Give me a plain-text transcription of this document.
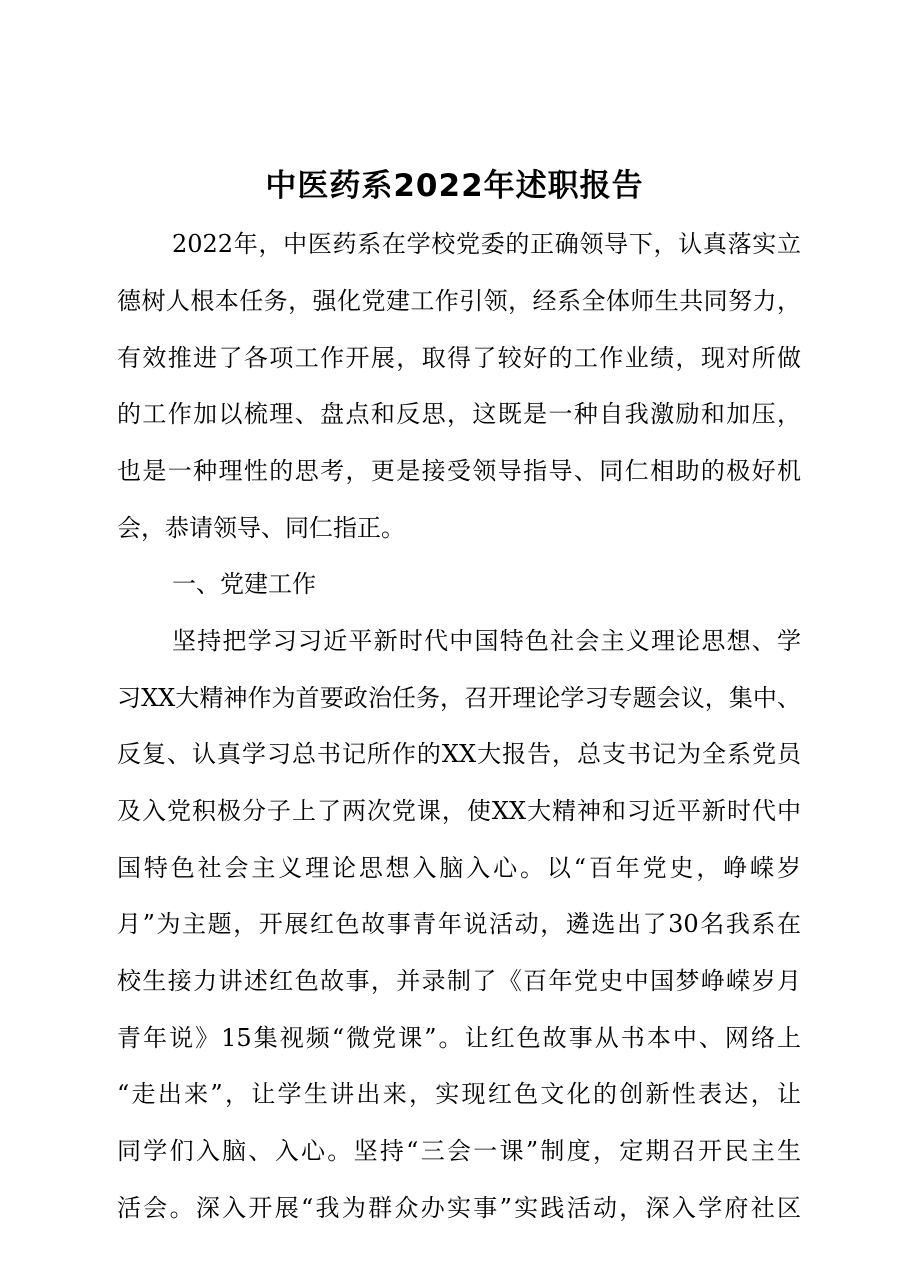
中医药系2022年述职报告
2022年，中医药系在学校党委的正确领导下，认真落实立
德树人根本任务，强化党建工作引领，经系全体师生共同努力，
有效推进了各项工作开展，取得了较好的工作业绩，现对所做
的工作加以梳理、盘点和反思，这既是一种自我激励和加压，
也是一种理性的思考，更是接受领导指导、同仁相助的极好机
会，恭请领导、同仁指正。
一、党建工作
坚持把学习习近平新时代中国特色社会主义理论思想、学
习XX大精神作为首要政治任务，召开理论学习专题会议，集中、
反复、认真学习总书记所作的XX大报告，总支书记为全系党员
及入党积极分子上了两次党课，使XX大精神和习近平新时代中
国特色社会主义理论思想入脑入心。以“百年党史，峥嵘岁
月”为主题，开展红色故事青年说活动，遴选出了30名我系在
校生接力讲述红色故事，并录制了《百年党史中国梦峥嵘岁月
青年说》15集视频“微党课”。让红色故事从书本中、网络上
“走出来”，让学生讲出来，实现红色文化的创新性表达，让
同学们入脑、入心。坚持“三会一课”制度，定期召开民主生
活会。深入开展“我为群众办实事”实践活动，深入学府社区
